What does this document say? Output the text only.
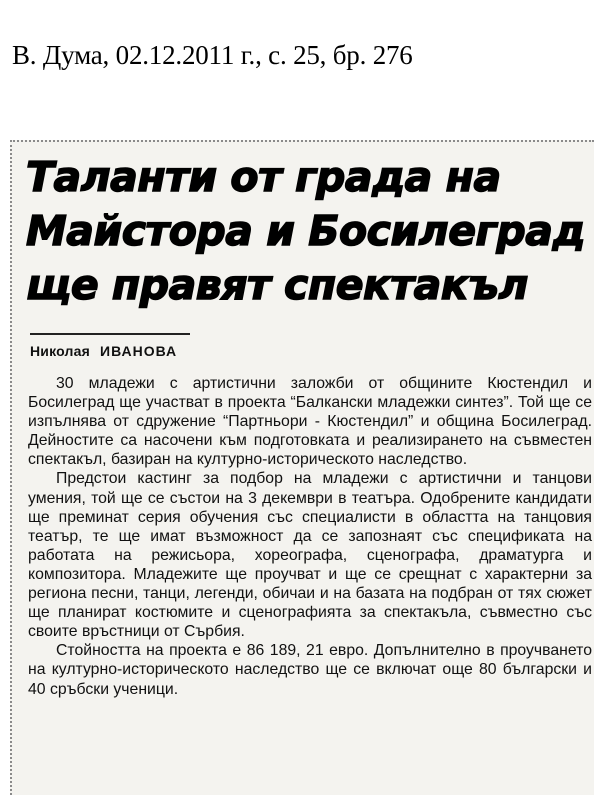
В. Дума, 02.12.2011 г., с. 25, бр. 276
Таланти от града на
Майстора и Босилеград
ще правят спектакъл
Николая ИВАНОВА

30 младежи с артистични заложби от общините Кюстендил и Босилеград ще участват в проекта “Балкански младежки синтез”. Той ще се изпълнява от сдружение “Партньори - Кюстендил” и община Босилеград. Дейностите са насочени към подготовката и реализирането на съвместен спектакъл, базиран на културно-историческото наследство.

Предстои кастинг за подбор на младежи с артистични и танцови умения, той ще се състои на 3 декември в театъра. Одобрените кандидати ще преминат серия обучения със специалисти в областта на танцовия театър, те ще имат възможност да се запознаят със спецификата на работата на режисьора, хореографа, сценографа, драматурга и композитора. Младежите ще проучват и ще се срещнат с характерни за региона песни, танци, легенди, обичаи и на базата на подбран от тях сюжет ще планират костюмите и сценографията за спектакъла, съвместно със своите връстници от Сърбия.

Стойността на проекта е 86 189, 21 евро. Допълнително в проучването на културно-историческото наследство ще се включат още 80 български и 40 сръбски ученици.
